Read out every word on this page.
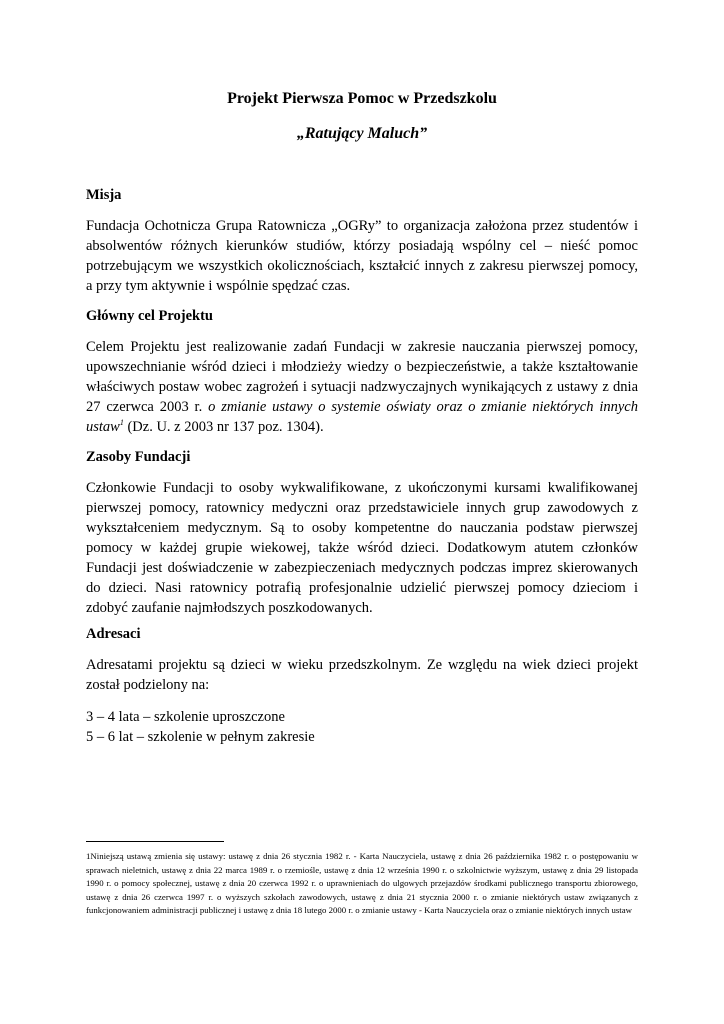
Projekt Pierwsza Pomoc w Przedszkolu
„Ratujący Maluch”
Misja

Fundacja Ochotnicza Grupa Ratownicza „OGRy” to organizacja założona przez studentów i absolwentów różnych kierunków studiów, którzy posiadają wspólny cel – nieść pomoc potrzebującym we wszystkich okolicznościach, kształcić innych z zakresu pierwszej pomocy, a przy tym aktywnie i wspólnie spędzać czas.

Główny cel Projektu

Celem Projektu jest realizowanie zadań Fundacji w zakresie nauczania pierwszej pomocy, upowszechnianie wśród dzieci i młodzieży wiedzy o bezpieczeństwie, a także kształtowanie właściwych postaw wobec zagrożeń i sytuacji nadzwyczajnych wynikających z ustawy z dnia 27 czerwca 2003 r. o zmianie ustawy o systemie oświaty oraz o zmianie niektórych innych ustaw$^1$ (Dz. U. z 2003 nr 137 poz. 1304).

Zasoby Fundacji

Członkowie Fundacji to osoby wykwalifikowane, z ukończonymi kursami kwalifikowanej pierwszej pomocy, ratownicy medyczni oraz przedstawiciele innych grup zawodowych z wykształceniem medycznym. Są to osoby kompetentne do nauczania podstaw pierwszej pomocy w każdej grupie wiekowej, także wśród dzieci. Dodatkowym atutem członków Fundacji jest doświadczenie w zabezpieczeniach medycznych podczas imprez skierowanych do dzieci. Nasi ratownicy potrafią profesjonalnie udzielić pierwszej pomocy dzieciom i zdobyć zaufanie najmłodszych poszkodowanych.

Adresaci

Adresatami projektu są dzieci w wieku przedszkolnym. Ze względu na wiek dzieci projekt został podzielony na:

3 – 4 lata – szkolenie uproszczone
5 – 6 lat – szkolenie w pełnym zakresie

1Niniejszą ustawą zmienia się ustawy: ustawę z dnia 26 stycznia 1982 r. - Karta Nauczyciela, ustawę z dnia 26 października 1982 r. o postępowaniu w sprawach nieletnich, ustawę z dnia 22 marca 1989 r. o rzemiośle, ustawę z dnia 12 września 1990 r. o szkolnictwie wyższym, ustawę z dnia 29 listopada 1990 r. o pomocy społecznej, ustawę z dnia 20 czerwca 1992 r. o uprawnieniach do ulgowych przejazdów środkami publicznego transportu zbiorowego, ustawę z dnia 26 czerwca 1997 r. o wyższych szkołach zawodowych, ustawę z dnia 21 stycznia 2000 r. o zmianie niektórych ustaw związanych z funkcjonowaniem administracji publicznej i ustawę z dnia 18 lutego 2000 r. o zmianie ustawy - Karta Nauczyciela oraz o zmianie niektórych innych ustaw
